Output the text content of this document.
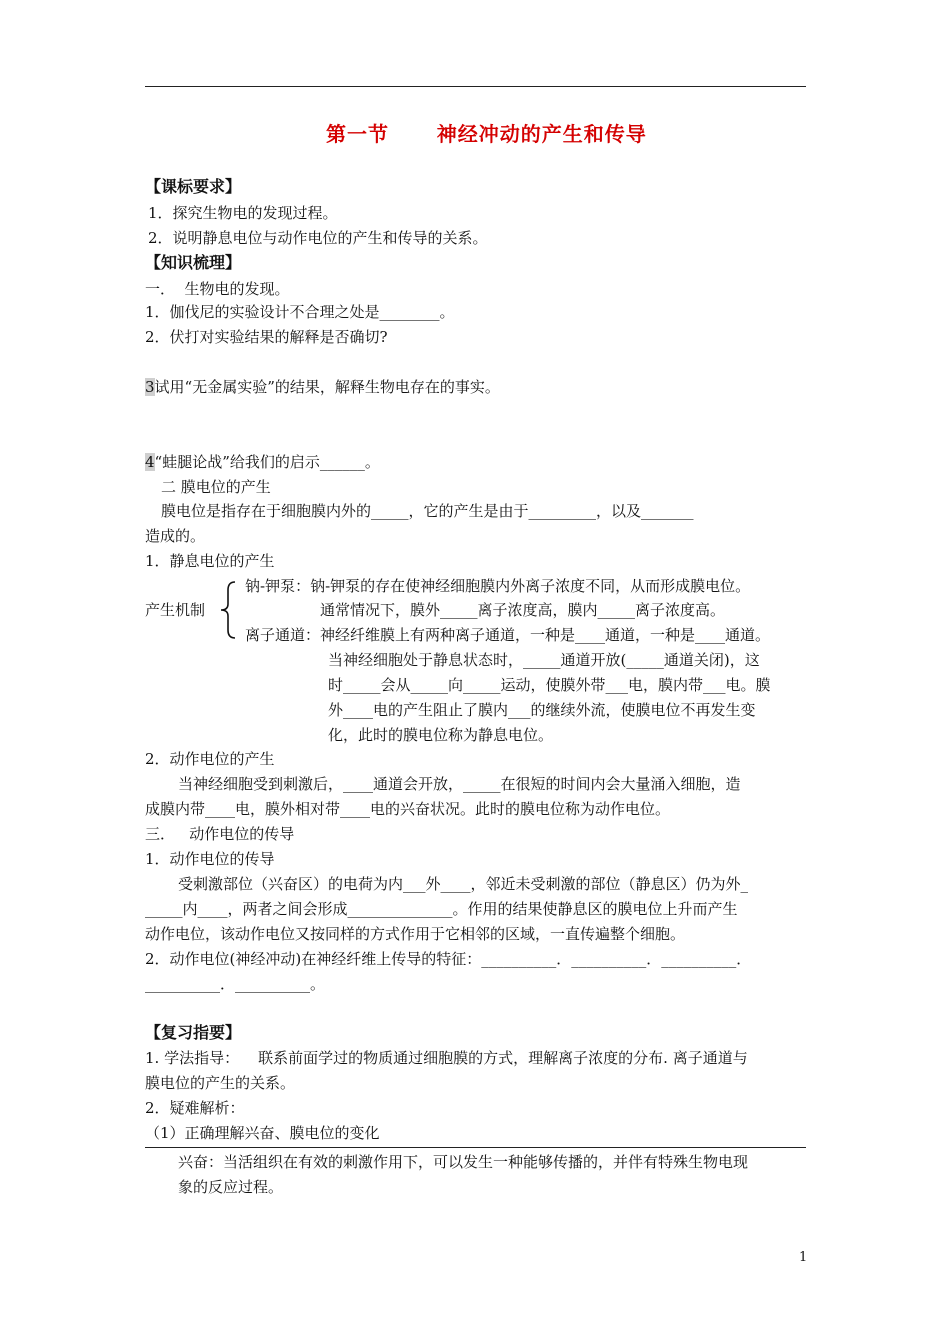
第一节      神经冲动的产生和传导
【课标要求】
1．探究生物电的发现过程。
2．说明静息电位与动作电位的产生和传导的关系。
【知识梳理】
一．  生物电的发现。
1．伽伐尼的实验设计不合理之处是________。
2．伏打对实验结果的解释是否确切?
3试用“无金属实验”的结果，解释生物电存在的事实。
4“蛙腿论战”给我们的启示______。
二 膜电位的产生
膜电位是指存在于细胞膜内外的_____，它的产生是由于_________，以及_______
造成的。
1．静息电位的产生
产生机制
钠-钾泵：钠-钾泵的存在使神经细胞膜内外离子浓度不同，从而形成膜电位。
通常情况下，膜外_____离子浓度高，膜内_____离子浓度高。
离子通道：神经纤维膜上有两种离子通道，一种是____通道，一种是____通道。
当神经细胞处于静息状态时，_____通道开放(_____通道关闭)，这
时_____会从_____向_____运动，使膜外带___电，膜内带___电。膜
外____电的产生阻止了膜内___的继续外流，使膜电位不再发生变
化，此时的膜电位称为静息电位。
2．动作电位的产生
当神经细胞受到刺激后，____通道会开放，_____在很短的时间内会大量涌入细胞，造
成膜内带____电，膜外相对带____电的兴奋状况。此时的膜电位称为动作电位。
三．   动作电位的传导
1．动作电位的传导
受刺激部位（兴奋区）的电荷为内___外____，邻近未受刺激的部位（静息区）仍为外_
_____内____，两者之间会形成______________。作用的结果使静息区的膜电位上升而产生
动作电位，该动作电位又按同样的方式作用于它相邻的区域，一直传遍整个细胞。
2．动作电位(神经冲动)在神经纤维上传导的特征：__________．__________．__________．
__________．__________。
【复习指要】
1. 学法指导：    联系前面学过的物质通过细胞膜的方式，理解离子浓度的分布. 离子通道与
膜电位的产生的关系。
2．疑难解析：
（1）正确理解兴奋、膜电位的变化
兴奋：当活组织在有效的刺激作用下，可以发生一种能够传播的，并伴有特殊生物电现
象的反应过程。
1
